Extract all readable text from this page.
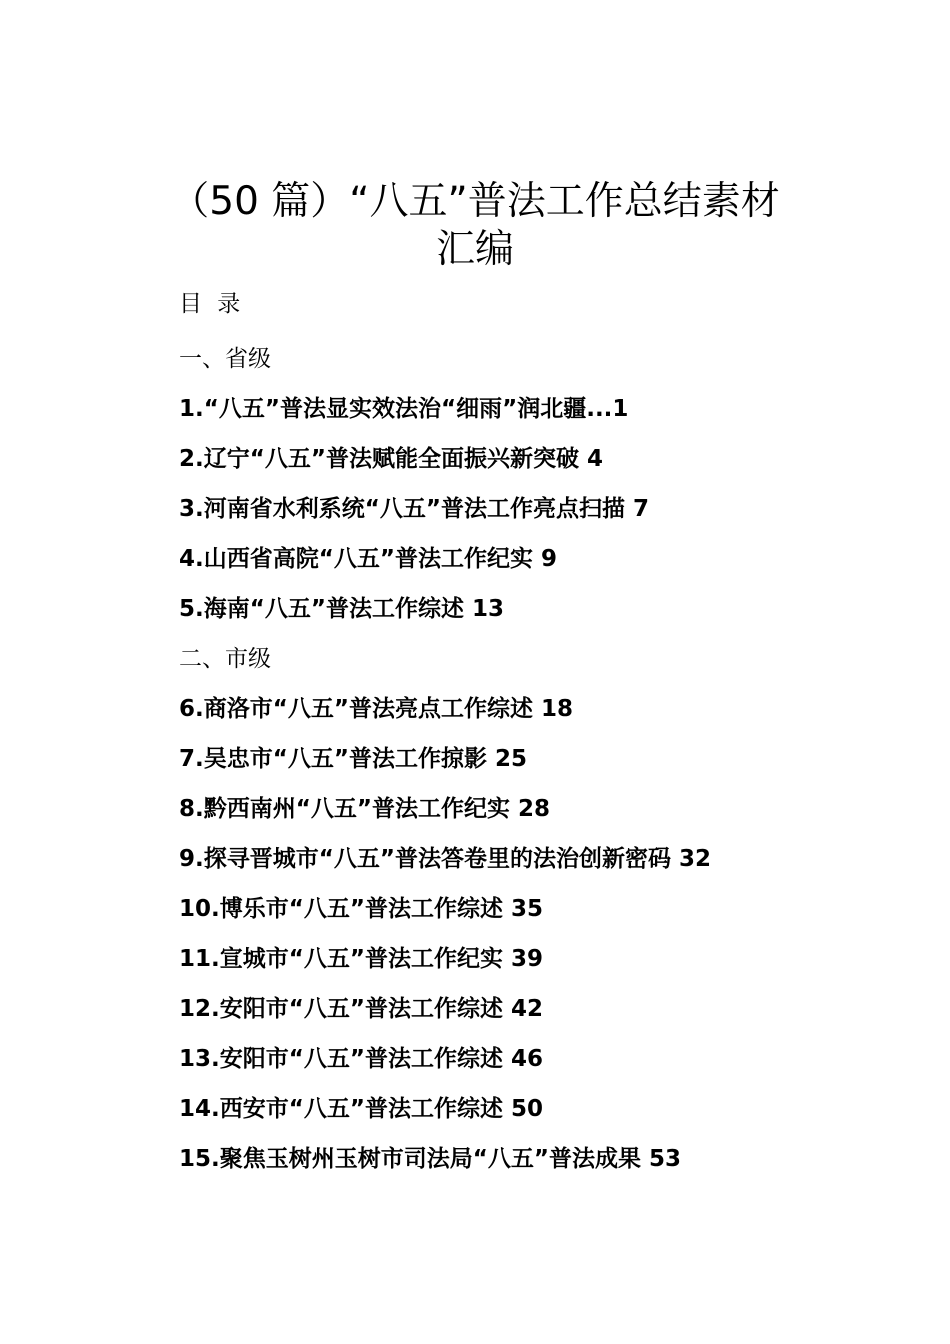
（50 篇）“八五”普法工作总结素材
汇编
目 录
一、省级
1.“八五”普法显实效法治“细雨”润北疆...1
2.辽宁“八五”普法赋能全面振兴新突破 4
3.河南省水利系统“八五”普法工作亮点扫描 7
4.山西省高院“八五”普法工作纪实 9
5.海南“八五”普法工作综述 13
二、市级
6.商洛市“八五”普法亮点工作综述 18
7.吴忠市“八五”普法工作掠影 25
8.黔西南州“八五”普法工作纪实 28
9.探寻晋城市“八五”普法答卷里的法治创新密码 32
10.博乐市“八五”普法工作综述 35
11.宣城市“八五”普法工作纪实 39
12.安阳市“八五”普法工作综述 42
13.安阳市“八五”普法工作综述 46
14.西安市“八五”普法工作综述 50
15.聚焦玉树州玉树市司法局“八五”普法成果 53
